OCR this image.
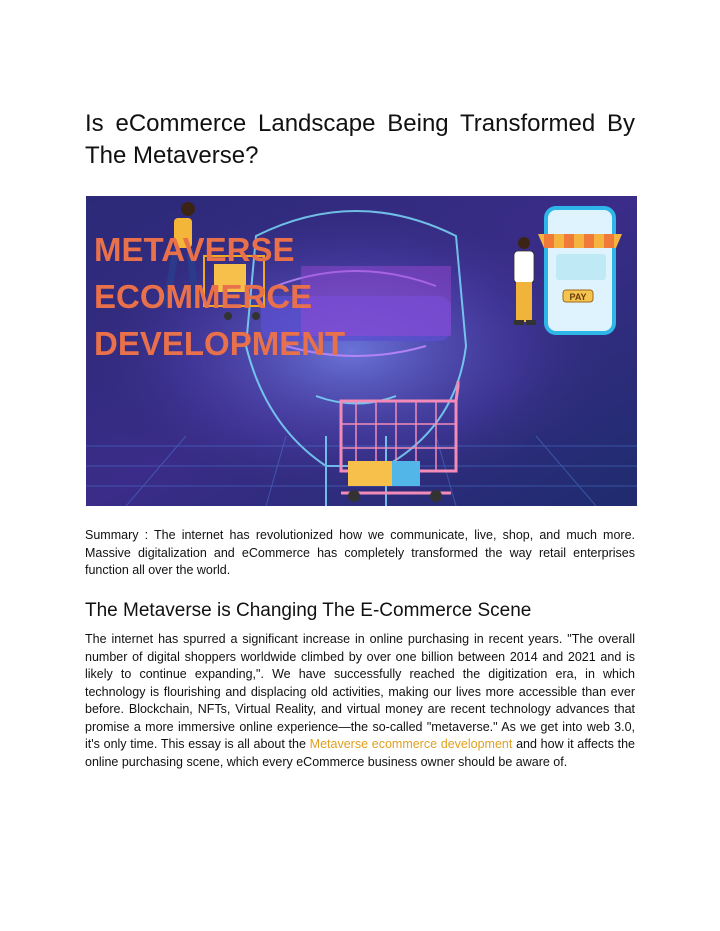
Is eCommerce Landscape Being Transformed By The Metaverse?
PAY
METAVERSE
ECOMMERCE
DEVELOPMENT

Summary : The internet has revolutionized how we communicate, live, shop, and much more. Massive digitalization and eCommerce has completely transformed the way retail enterprises function all over the world.

The Metaverse is Changing The E-Commerce Scene

The internet has spurred a significant increase in online purchasing in recent years. "The overall number of digital shoppers worldwide climbed by over one billion between 2014 and 2021 and is likely to continue expanding,". We have successfully reached the digitization era, in which technology is flourishing and displacing old activities, making our lives more accessible than ever before. Blockchain, NFTs, Virtual Reality, and virtual money are recent technology advances that promise a more immersive online experience—the so-called "metaverse." As we get into web 3.0, it's only time. This essay is all about the Metaverse ecommerce development and how it affects the online purchasing scene, which every eCommerce business owner should be aware of.
